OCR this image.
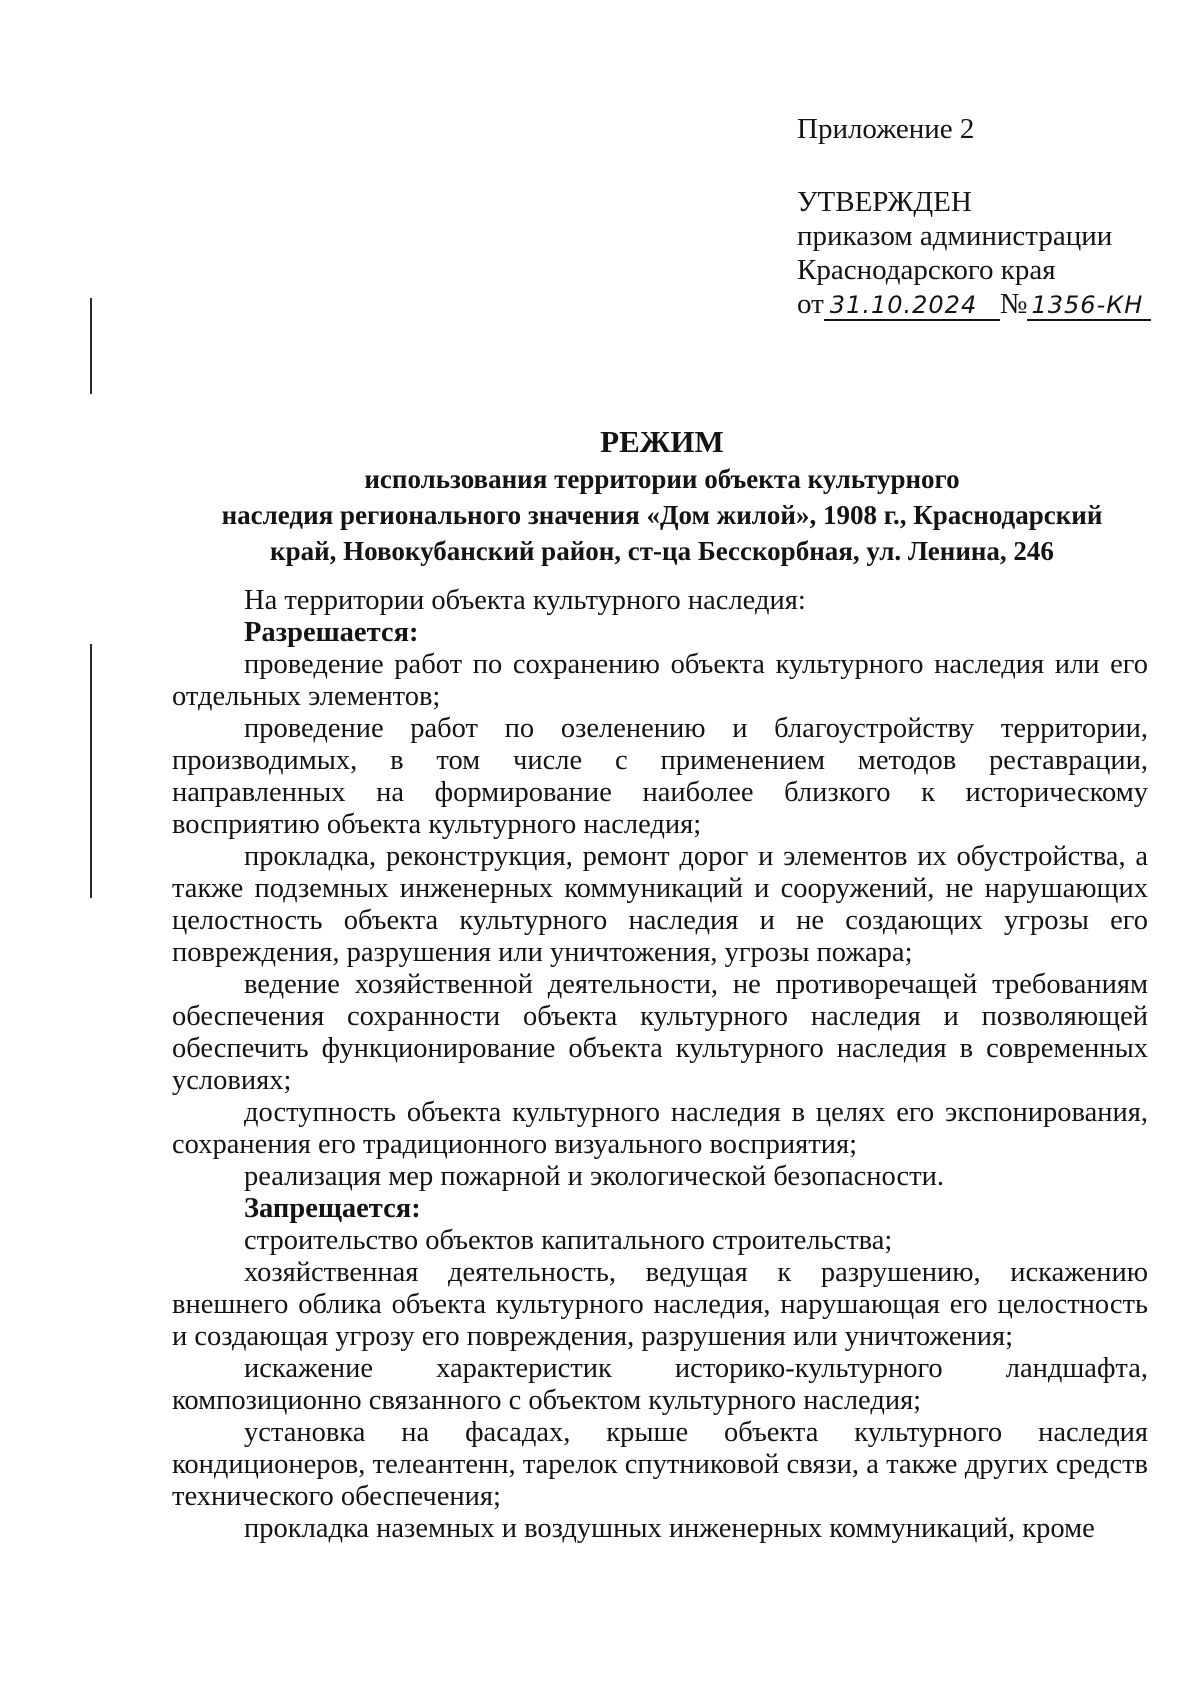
Приложение 2
УТВЕРЖДЕН
приказом администрации
Краснодарского края
от 31.10.2024 № 1356-КН
РЕЖИМ
использования территории объекта культурного
наследия регионального значения «Дом жилой», 1908 г., Краснодарский
край, Новокубанский район, ст-ца Бесскорбная, ул. Ленина, 246

На территории объекта культурного наследия:

Разрешается:

проведение работ по сохранению объекта культурного наследия или его отдельных элементов;

проведение работ по озеленению и благоустройству территории, производимых, в том числе с применением методов реставрации, направленных на формирование наиболее близкого к историческому восприятию объекта культурного наследия;

прокладка, реконструкция, ремонт дорог и элементов их обустройства, а также подземных инженерных коммуникаций и сооружений, не нарушающих целостность объекта культурного наследия и не создающих угрозы его повреждения, разрушения или уничтожения, угрозы пожара;

ведение хозяйственной деятельности, не противоречащей требованиям обеспечения сохранности объекта культурного наследия и позволяющей обеспечить функционирование объекта культурного наследия в современных условиях;

доступность объекта культурного наследия в целях его экспонирования, сохранения его традиционного визуального восприятия;

реализация мер пожарной и экологической безопасности.

Запрещается:

строительство объектов капитального строительства;

хозяйственная деятельность, ведущая к разрушению, искажению внешнего облика объекта культурного наследия, нарушающая его целостность и создающая угрозу его повреждения, разрушения или уничтожения;

искажение характеристик историко-культурного ландшафта, композиционно связанного с объектом культурного наследия;

установка на фасадах, крыше объекта культурного наследия кондиционеров, телеантенн, тарелок спутниковой связи, а также других средств технического обеспечения;

прокладка наземных и воздушных инженерных коммуникаций, кроме
